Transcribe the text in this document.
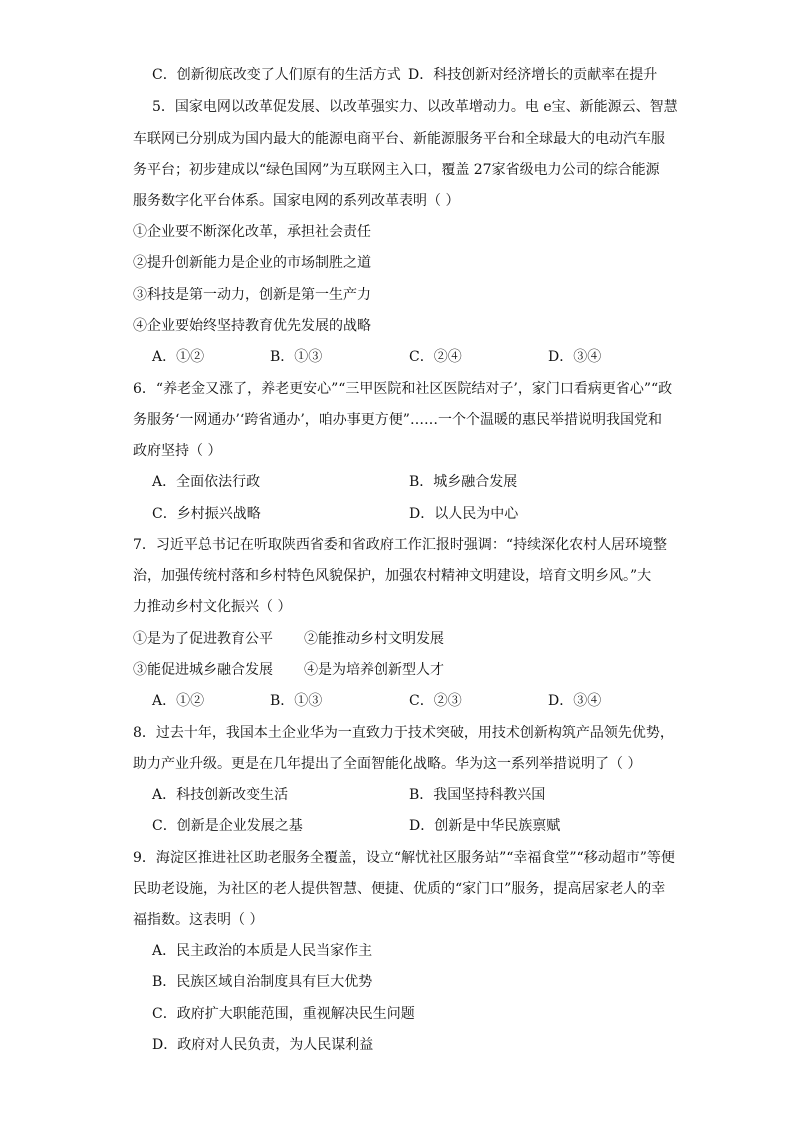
C．创新彻底改变了人们原有的生活方式 D．科技创新对经济增长的贡献率在提升
5．国家电网以改革促发展、以改革强实力、以改革增动力。电 e宝、新能源云、智慧
车联网已分别成为国内最大的能源电商平台、新能源服务平台和全球最大的电动汽车服
务平台；初步建成以“绿色国网”为互联网主入口，覆盖 27家省级电力公司的综合能源
服务数字化平台体系。国家电网的系列改革表明（ ）
①企业要不断深化改革，承担社会责任
②提升创新能力是企业的市场制胜之道
③科技是第一动力，创新是第一生产力
④企业要始终坚持教育优先发展的战略
A．①②	B．①③	C．②④	D．③④
6．“养老金又涨了，养老更安心”“三甲医院和社区医院结对子’，家门口看病更省心”“政
务服务‘一网通办’‘跨省通办’，咱办事更方便”……一个个温暖的惠民举措说明我国党和
政府坚持（ ）
A．全面依法行政	B．城乡融合发展
C．乡村振兴战略	D．以人民为中心
7．习近平总书记在听取陕西省委和省政府工作汇报时强调：“持续深化农村人居环境整
治，加强传统村落和乡村特色风貌保护，加强农村精神文明建设，培育文明乡风。”大
力推动乡村文化振兴（ ）
①是为了促进教育公平 ②能推动乡村文明发展
③能促进城乡融合发展 ④是为培养创新型人才
A．①②	B．①③	C．②③	D．③④
8．过去十年，我国本土企业华为一直致力于技术突破，用技术创新构筑产品领先优势，
助力产业升级。更是在几年提出了全面智能化战略。华为这一系列举措说明了（ ）
A．科技创新改变生活	B．我国坚持科教兴国
C．创新是企业发展之基	D．创新是中华民族禀赋
9．海淀区推进社区助老服务全覆盖，设立“解忧社区服务站”“幸福食堂”“移动超市”等便
民助老设施，为社区的老人提供智慧、便捷、优质的“家门口”服务，提高居家老人的幸
福指数。这表明（ ）
A．民主政治的本质是人民当家作主
B．民族区域自治制度具有巨大优势
C．政府扩大职能范围，重视解决民生问题
D．政府对人民负责，为人民谋利益
